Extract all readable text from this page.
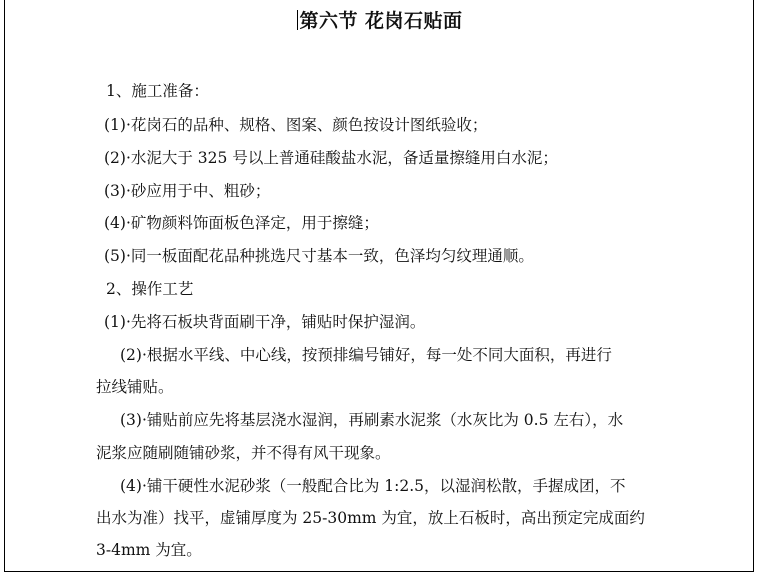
第六节 花岗石贴面
1、施工准备：
(1)·花岗石的品种、规格、图案、颜色按设计图纸验收；
(2)·水泥大于 325 号以上普通硅酸盐水泥，备适量擦缝用白水泥；
(3)·砂应用于中、粗砂；
(4)·矿物颜料饰面板色泽定，用于擦缝；
(5)·同一板面配花品种挑选尺寸基本一致，色泽均匀纹理通顺。
2、操作工艺
(1)·先将石板块背面刷干净，铺贴时保护湿润。
(2)·根据水平线、中心线，按预排编号铺好，每一处不同大面积，再进行
拉线铺贴。
(3)·铺贴前应先将基层浇水湿润，再刷素水泥浆（水灰比为 0.5 左右），水
泥浆应随刷随铺砂浆，并不得有风干现象。
(4)·铺干硬性水泥砂浆（一般配合比为 1:2.5，以湿润松散，手握成团，不
出水为准）找平，虚铺厚度为 25-30mm 为宜，放上石板时，高出预定完成面约
3-4mm 为宜。
